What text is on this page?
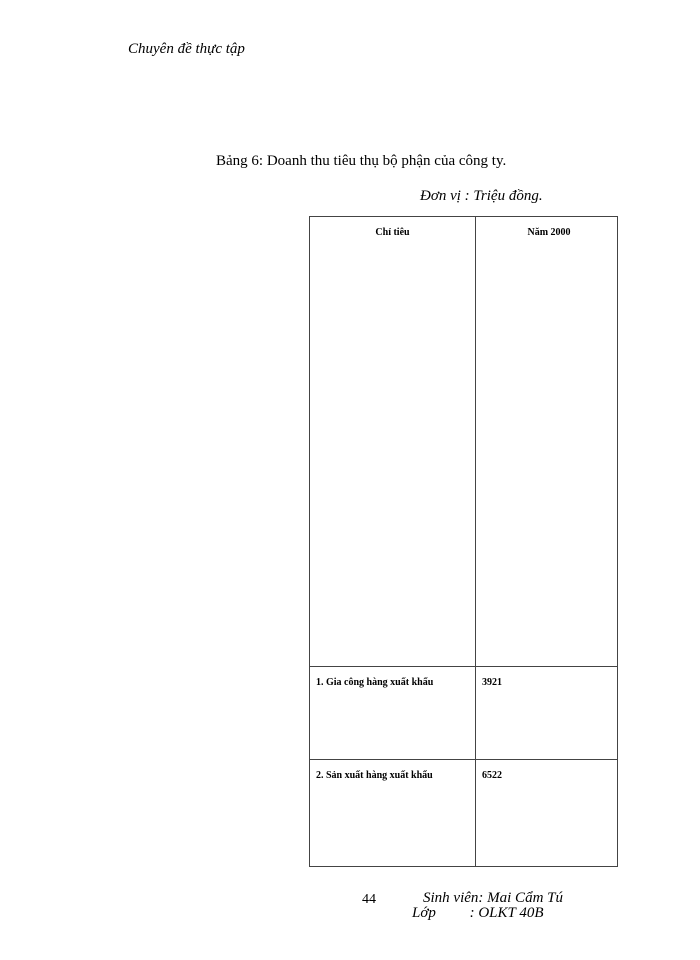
Chuyên đề thực tập
Bảng 6: Doanh thu tiêu thụ bộ phận của công ty.
Đơn vị : Triệu đồng.
Chỉ tiêu	Năm 2000

1. Gia công hàng xuất khẩu	3921

2. Sản xuất hàng xuất khẩu	6522
44	Sinh viên: Mai Cẩm Tú
Lớp         : OLKT 40B
